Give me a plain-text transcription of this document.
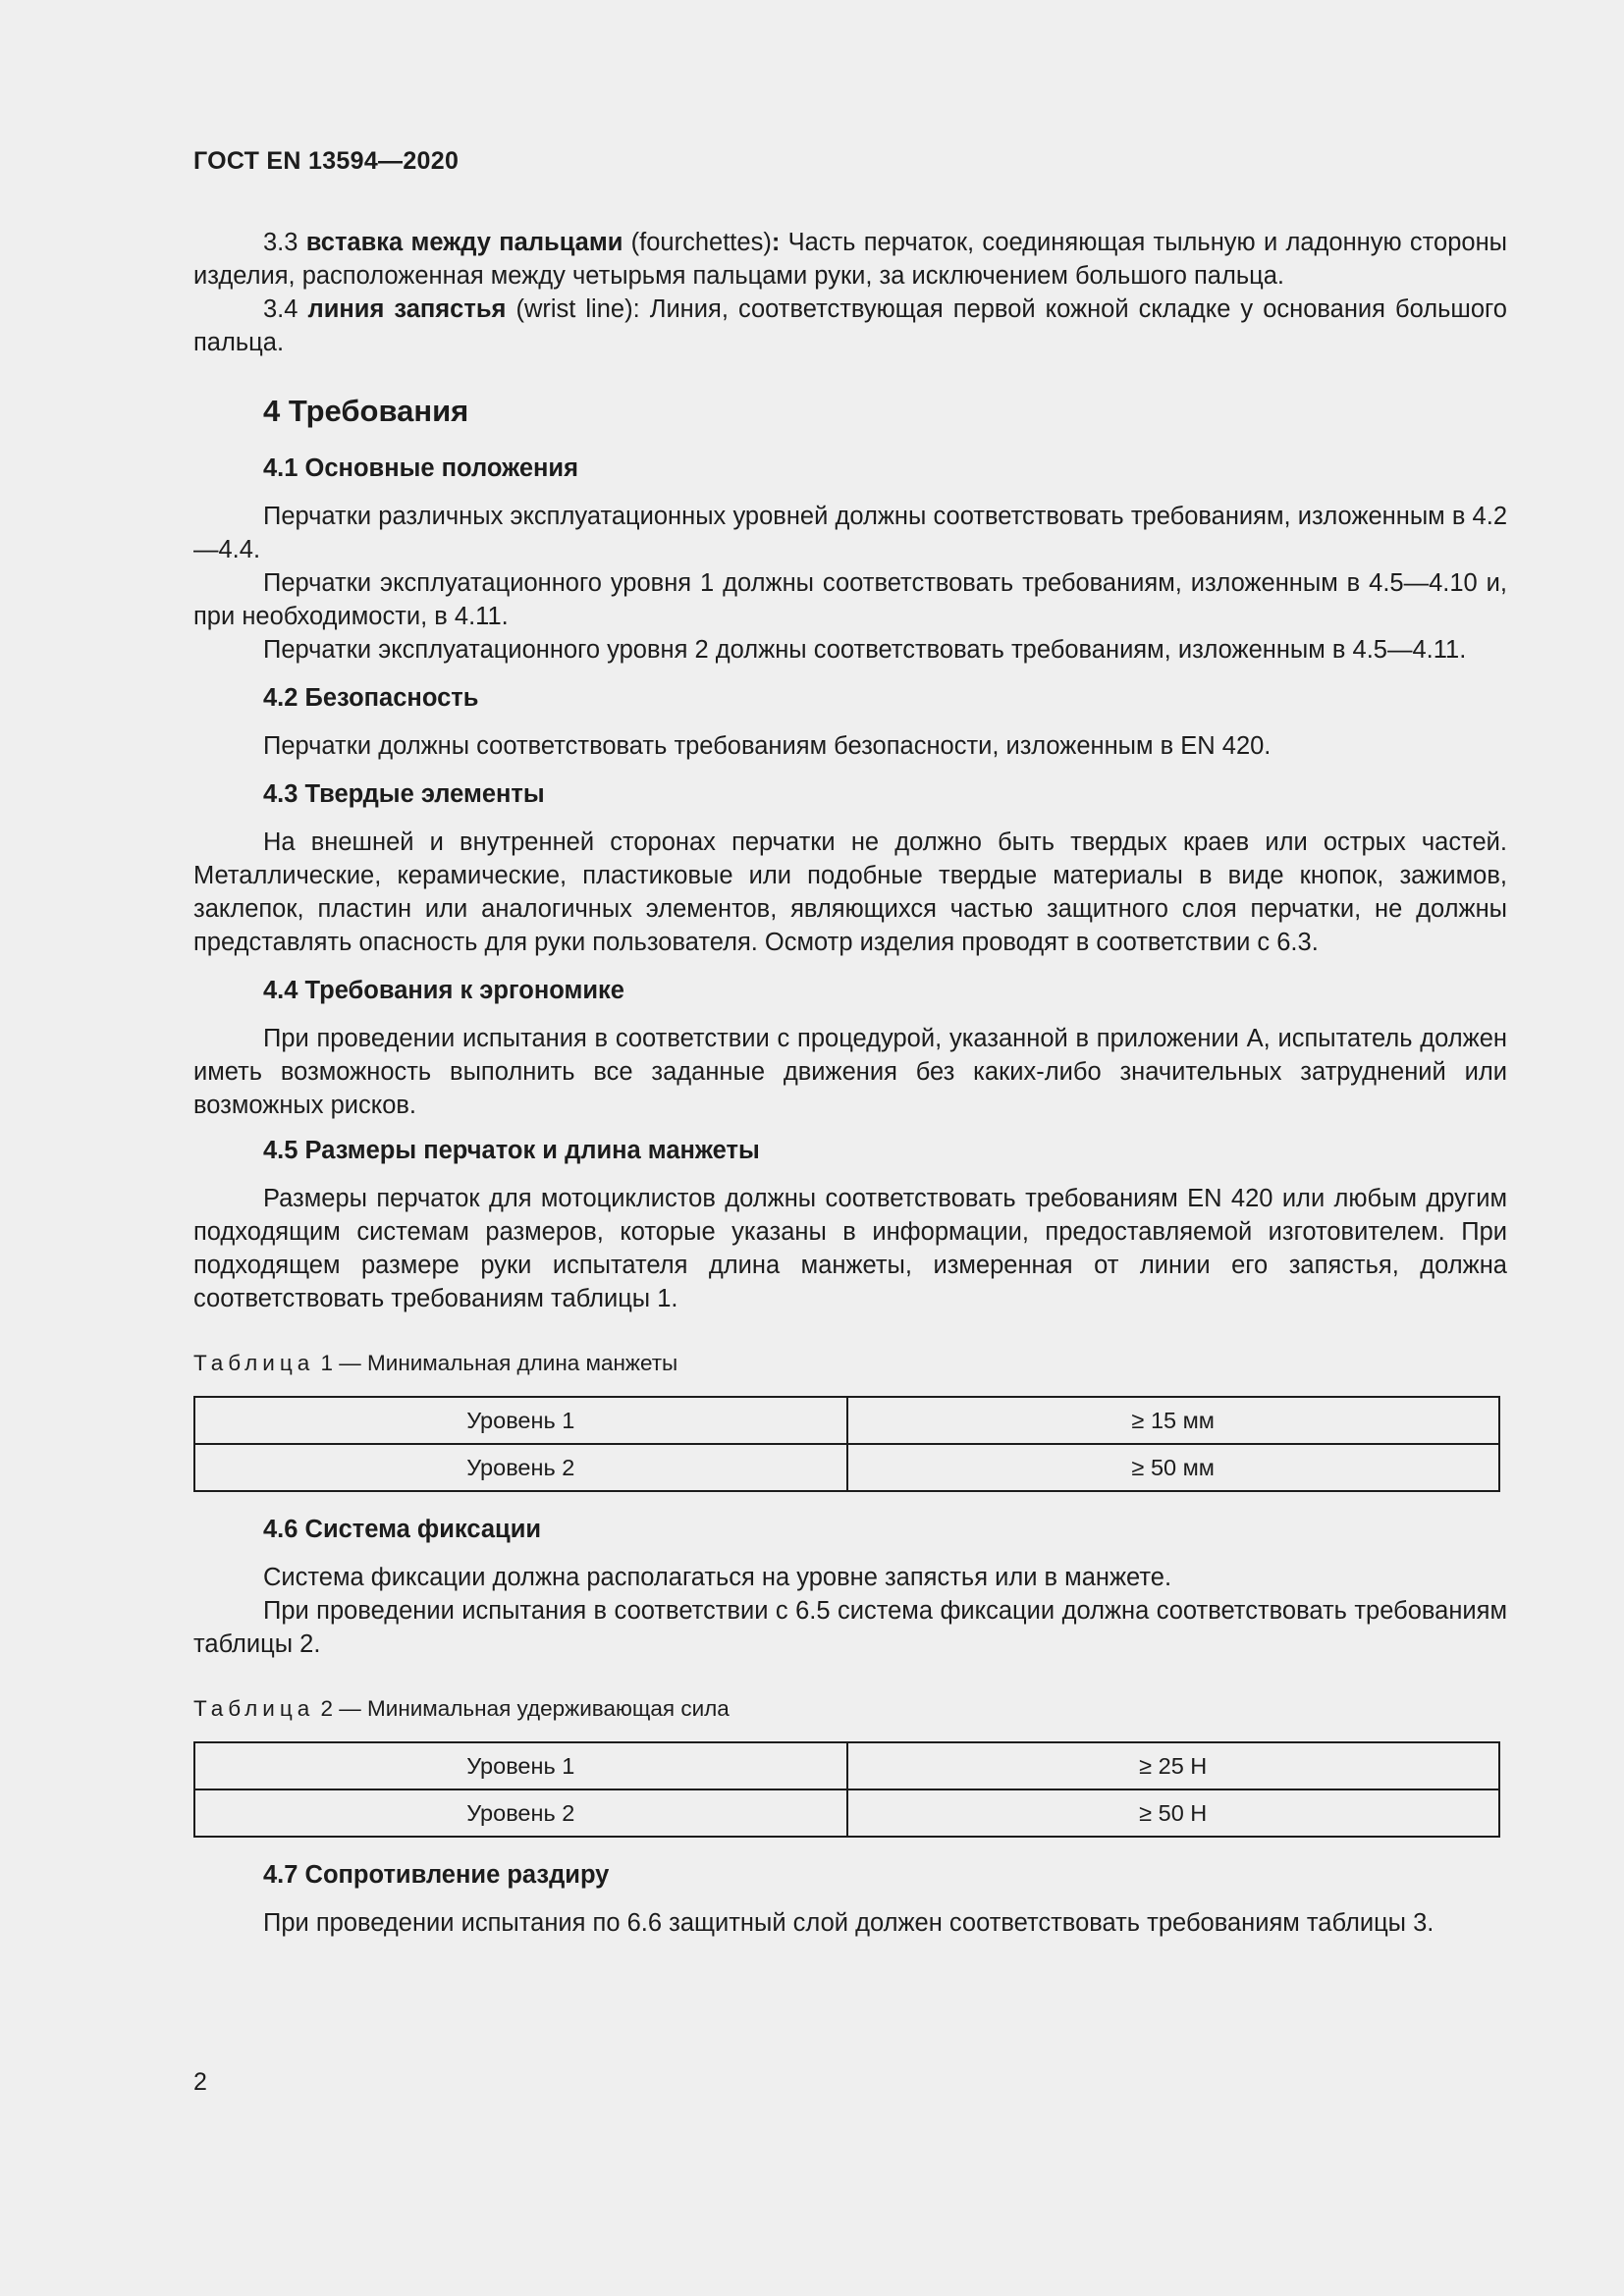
ГОСТ EN 13594—2020

3.3 вставка между пальцами (fourchettes): Часть перчаток, соединяющая тыльную и ладонную стороны изделия, расположенная между четырьмя пальцами руки, за исключением большого пальца.

3.4 линия запястья (wrist line): Линия, соответствующая первой кожной складке у основания большого пальца.

4 Требования
4.1 Основные положения

Перчатки различных эксплуатационных уровней должны соответствовать требованиям, изложенным в 4.2—4.4.

Перчатки эксплуатационного уровня 1 должны соответствовать требованиям, изложенным в 4.5—4.10 и, при необходимости, в 4.11.

Перчатки эксплуатационного уровня 2 должны соответствовать требованиям, изложенным в 4.5—4.11.

4.2 Безопасность

Перчатки должны соответствовать требованиям безопасности, изложенным в EN 420.

4.3 Твердые элементы

На внешней и внутренней сторонах перчатки не должно быть твердых краев или острых частей. Металлические, керамические, пластиковые или подобные твердые материалы в виде кнопок, зажимов, заклепок, пластин или аналогичных элементов, являющихся частью защитного слоя перчатки, не должны представлять опасность для руки пользователя. Осмотр изделия проводят в соответствии с 6.3.

4.4 Требования к эргономике

При проведении испытания в соответствии с процедурой, указанной в приложении А, испытатель должен иметь возможность выполнить все заданные движения без каких-либо значительных затруднений или возможных рисков.

4.5 Размеры перчаток и длина манжеты

Размеры перчаток для мотоциклистов должны соответствовать требованиям EN 420 или любым другим подходящим системам размеров, которые указаны в информации, предоставляемой изготовителем. При подходящем размере руки испытателя длина манжеты, измеренная от линии его запястья, должна соответствовать требованиям таблицы 1.

Таблица 1 — Минимальная длина манжеты
Уровень 1	≥ 15 мм
Уровень 2	≥ 50 мм
4.6 Система фиксации

Система фиксации должна располагаться на уровне запястья или в манжете.

При проведении испытания в соответствии с 6.5 система фиксации должна соответствовать требованиям таблицы 2.

Таблица 2 — Минимальная удерживающая сила
Уровень 1	≥ 25 Н
Уровень 2	≥ 50 Н
4.7 Сопротивление раздиру

При проведении испытания по 6.6 защитный слой должен соответствовать требованиям таблицы 3.

2
